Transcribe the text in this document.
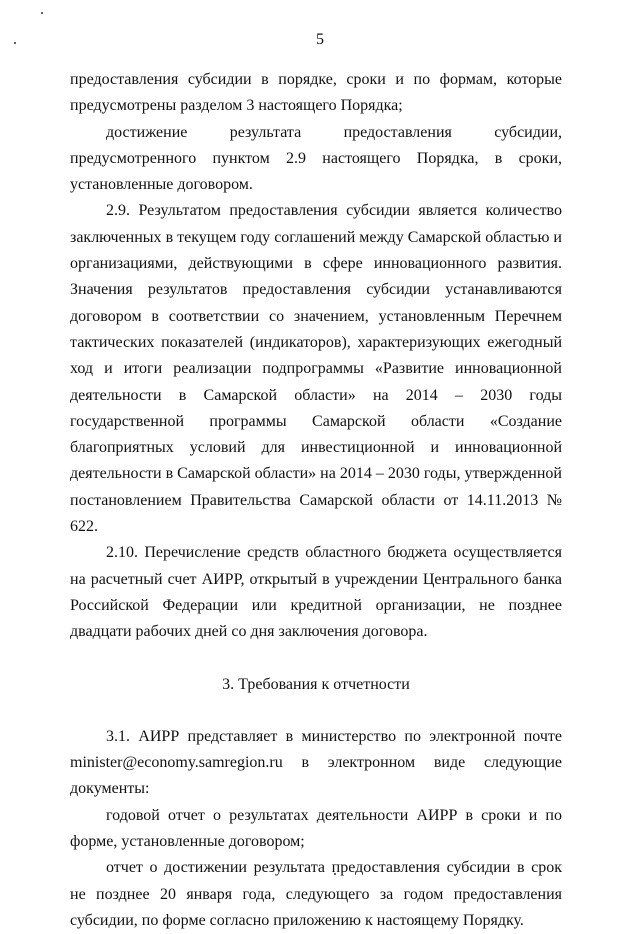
5

предоставления субсидии в порядке, сроки и по формам, которые предусмотрены разделом 3 настоящего Порядка;

достижение результата предоставления субсидии, предусмотренного пунктом 2.9 настоящего Порядка, в сроки, установленные договором.

2.9. Результатом предоставления субсидии является количество заключенных в текущем году соглашений между Самарской областью и организациями, действующими в сфере инновационного развития. Значения результатов предоставления субсидии устанавливаются договором в соответствии со значением, установленным Перечнем тактических показателей (индикаторов), характеризующих ежегодный ход и итоги реализации подпрограммы «Развитие инновационной деятельности в Самарской области» на 2014 – 2030 годы государственной программы Самарской области «Создание благоприятных условий для инвестиционной и инновационной деятельности в Самарской области» на 2014 – 2030 годы, утвержденной постановлением Правительства Самарской области от 14.11.2013 № 622.

2.10. Перечисление средств областного бюджета осуществляется на расчетный счет АИРР, открытый в учреждении Центрального банка Российской Федерации или кредитной организации, не позднее двадцати рабочих дней со дня заключения договора.

3. Требования к отчетности

3.1. АИРР представляет в министерство по электронной почте minister@economy.samregion.ru в электронном виде следующие документы:

годовой отчет о результатах деятельности АИРР в сроки и по форме, установленные договором;

отчет о достижении результата предоставления субсидии в срок не позднее 20 января года, следующего за годом предоставления субсидии, по форме согласно приложению к настоящему Порядку.
